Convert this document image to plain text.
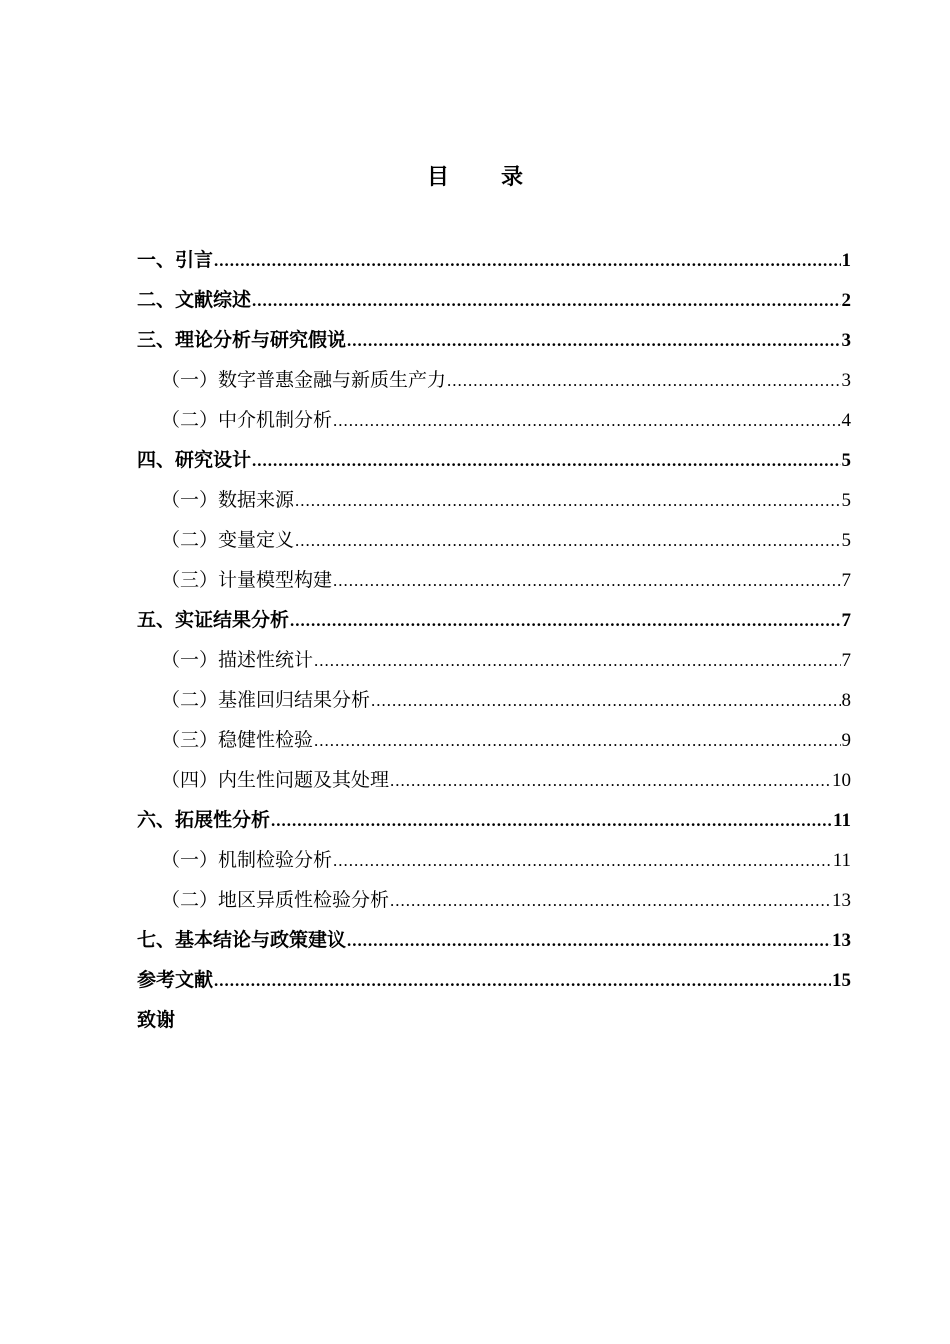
目录
一、引言 .....	1
二、文献综述 .....	2
三、理论分析与研究假说 .....	3
（一）数字普惠金融与新质生产力 .....	3
（二）中介机制分析 .....	4
四、研究设计 .....	5
（一）数据来源 .....	5
（二）变量定义 .....	5
（三）计量模型构建 .....	7
五、实证结果分析 .....	7
（一）描述性统计 .....	7
（二）基准回归结果分析 .....	8
（三）稳健性检验 .....	9
（四）内生性问题及其处理 .....	10
六、拓展性分析 .....	11
（一）机制检验分析 .....	11
（二）地区异质性检验分析 .....	13
七、基本结论与政策建议 .....	13
参考文献 .....	15
致谢
